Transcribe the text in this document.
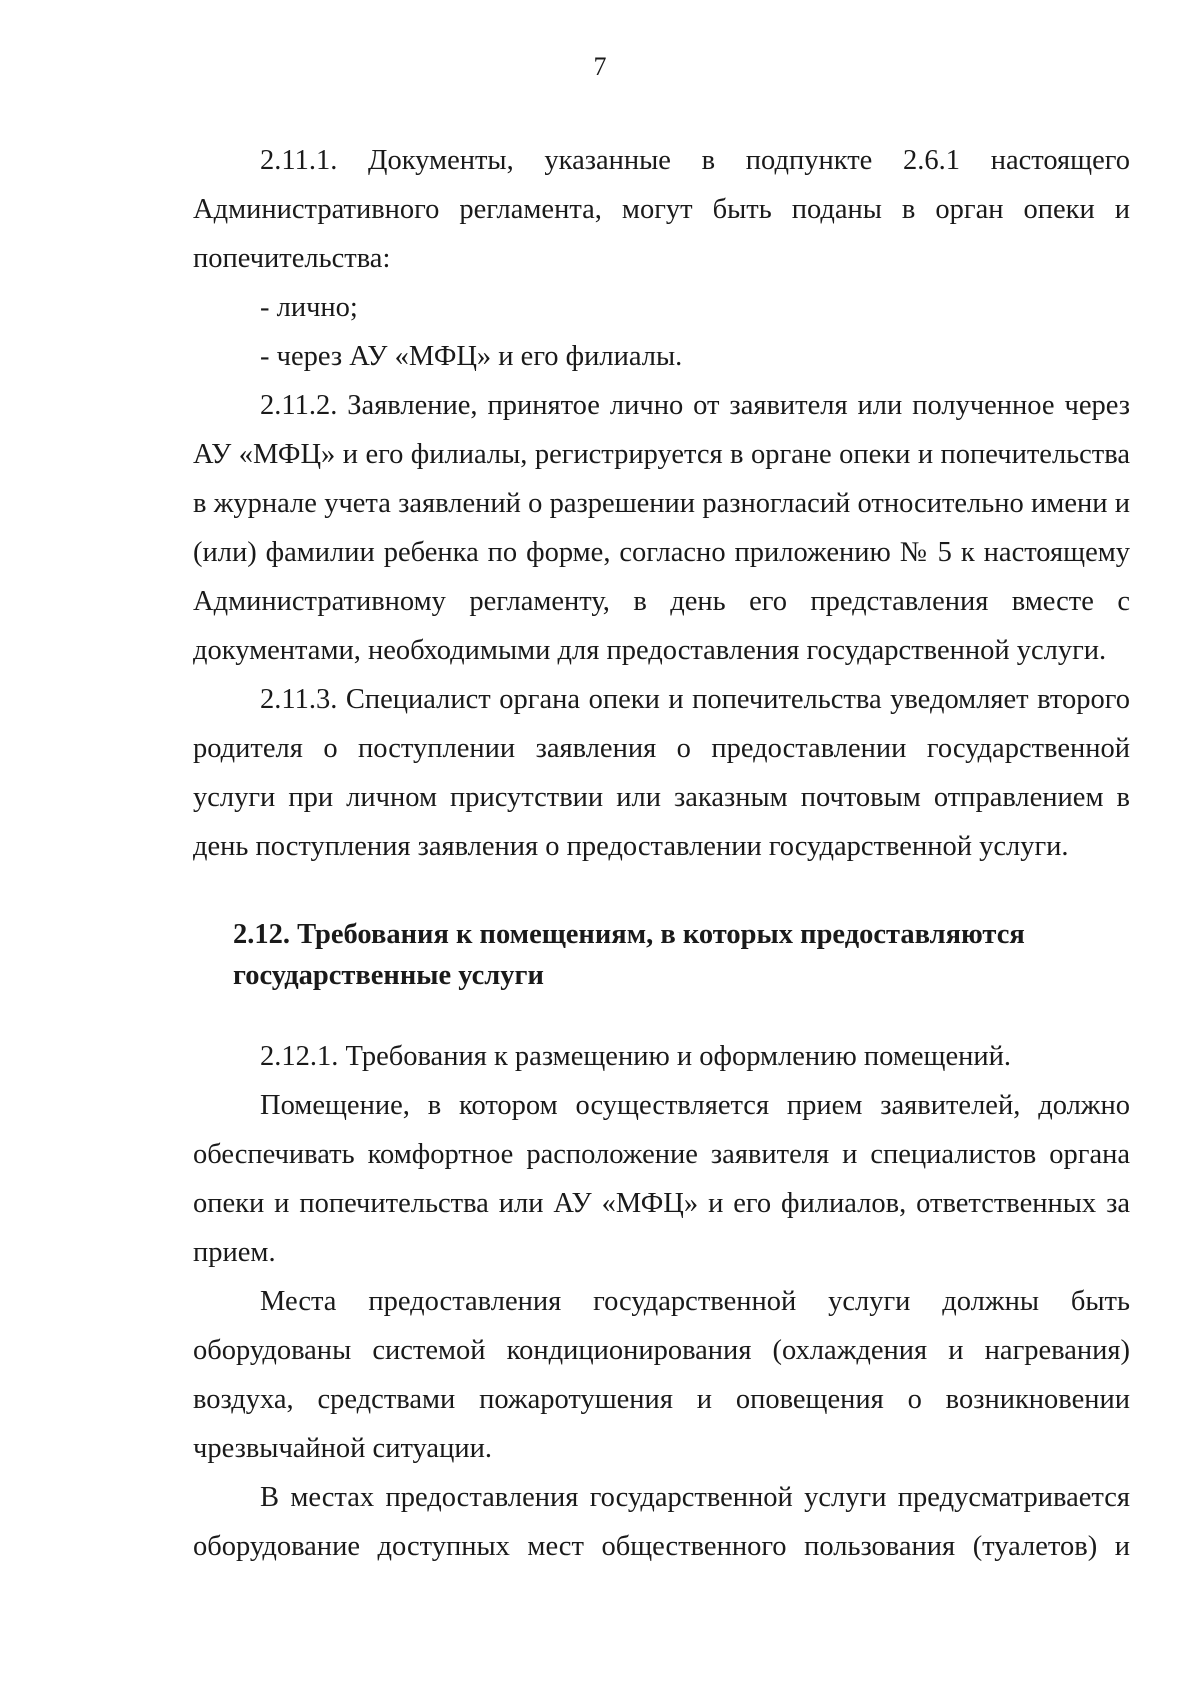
7

2.11.1. Документы, указанные в подпункте 2.6.1 настоящего Административного регламента, могут быть поданы в орган опеки и попечительства:

- лично;

- через АУ «МФЦ» и его филиалы.

2.11.2. Заявление, принятое лично от заявителя или полученное через АУ «МФЦ» и его филиалы, регистрируется в органе опеки и попечительства в журнале учета заявлений о разрешении разногласий относительно имени и (или) фамилии ребенка по форме, согласно приложению № 5 к настоящему Административному регламенту, в день его представления вместе с документами, необходимыми для предоставления государственной услуги.

2.11.3. Специалист органа опеки и попечительства уведомляет второго родителя о поступлении заявления о предоставлении государственной услуги при личном присутствии или заказным почтовым отправлением в день поступления заявления о предоставлении государственной услуги.

2.12. Требования к помещениям, в которых предоставляются
государственные услуги

2.12.1. Требования к размещению и оформлению помещений.

Помещение, в котором осуществляется прием заявителей, должно обеспечивать комфортное расположение заявителя и специалистов органа опеки и попечительства или АУ «МФЦ» и его филиалов, ответственных за прием.

Места предоставления государственной услуги должны быть оборудованы системой кондиционирования (охлаждения и нагревания) воздуха, средствами пожаротушения и оповещения о возникновении чрезвычайной ситуации.

В местах предоставления государственной услуги предусматривается оборудование доступных мест общественного пользования (туалетов) и
